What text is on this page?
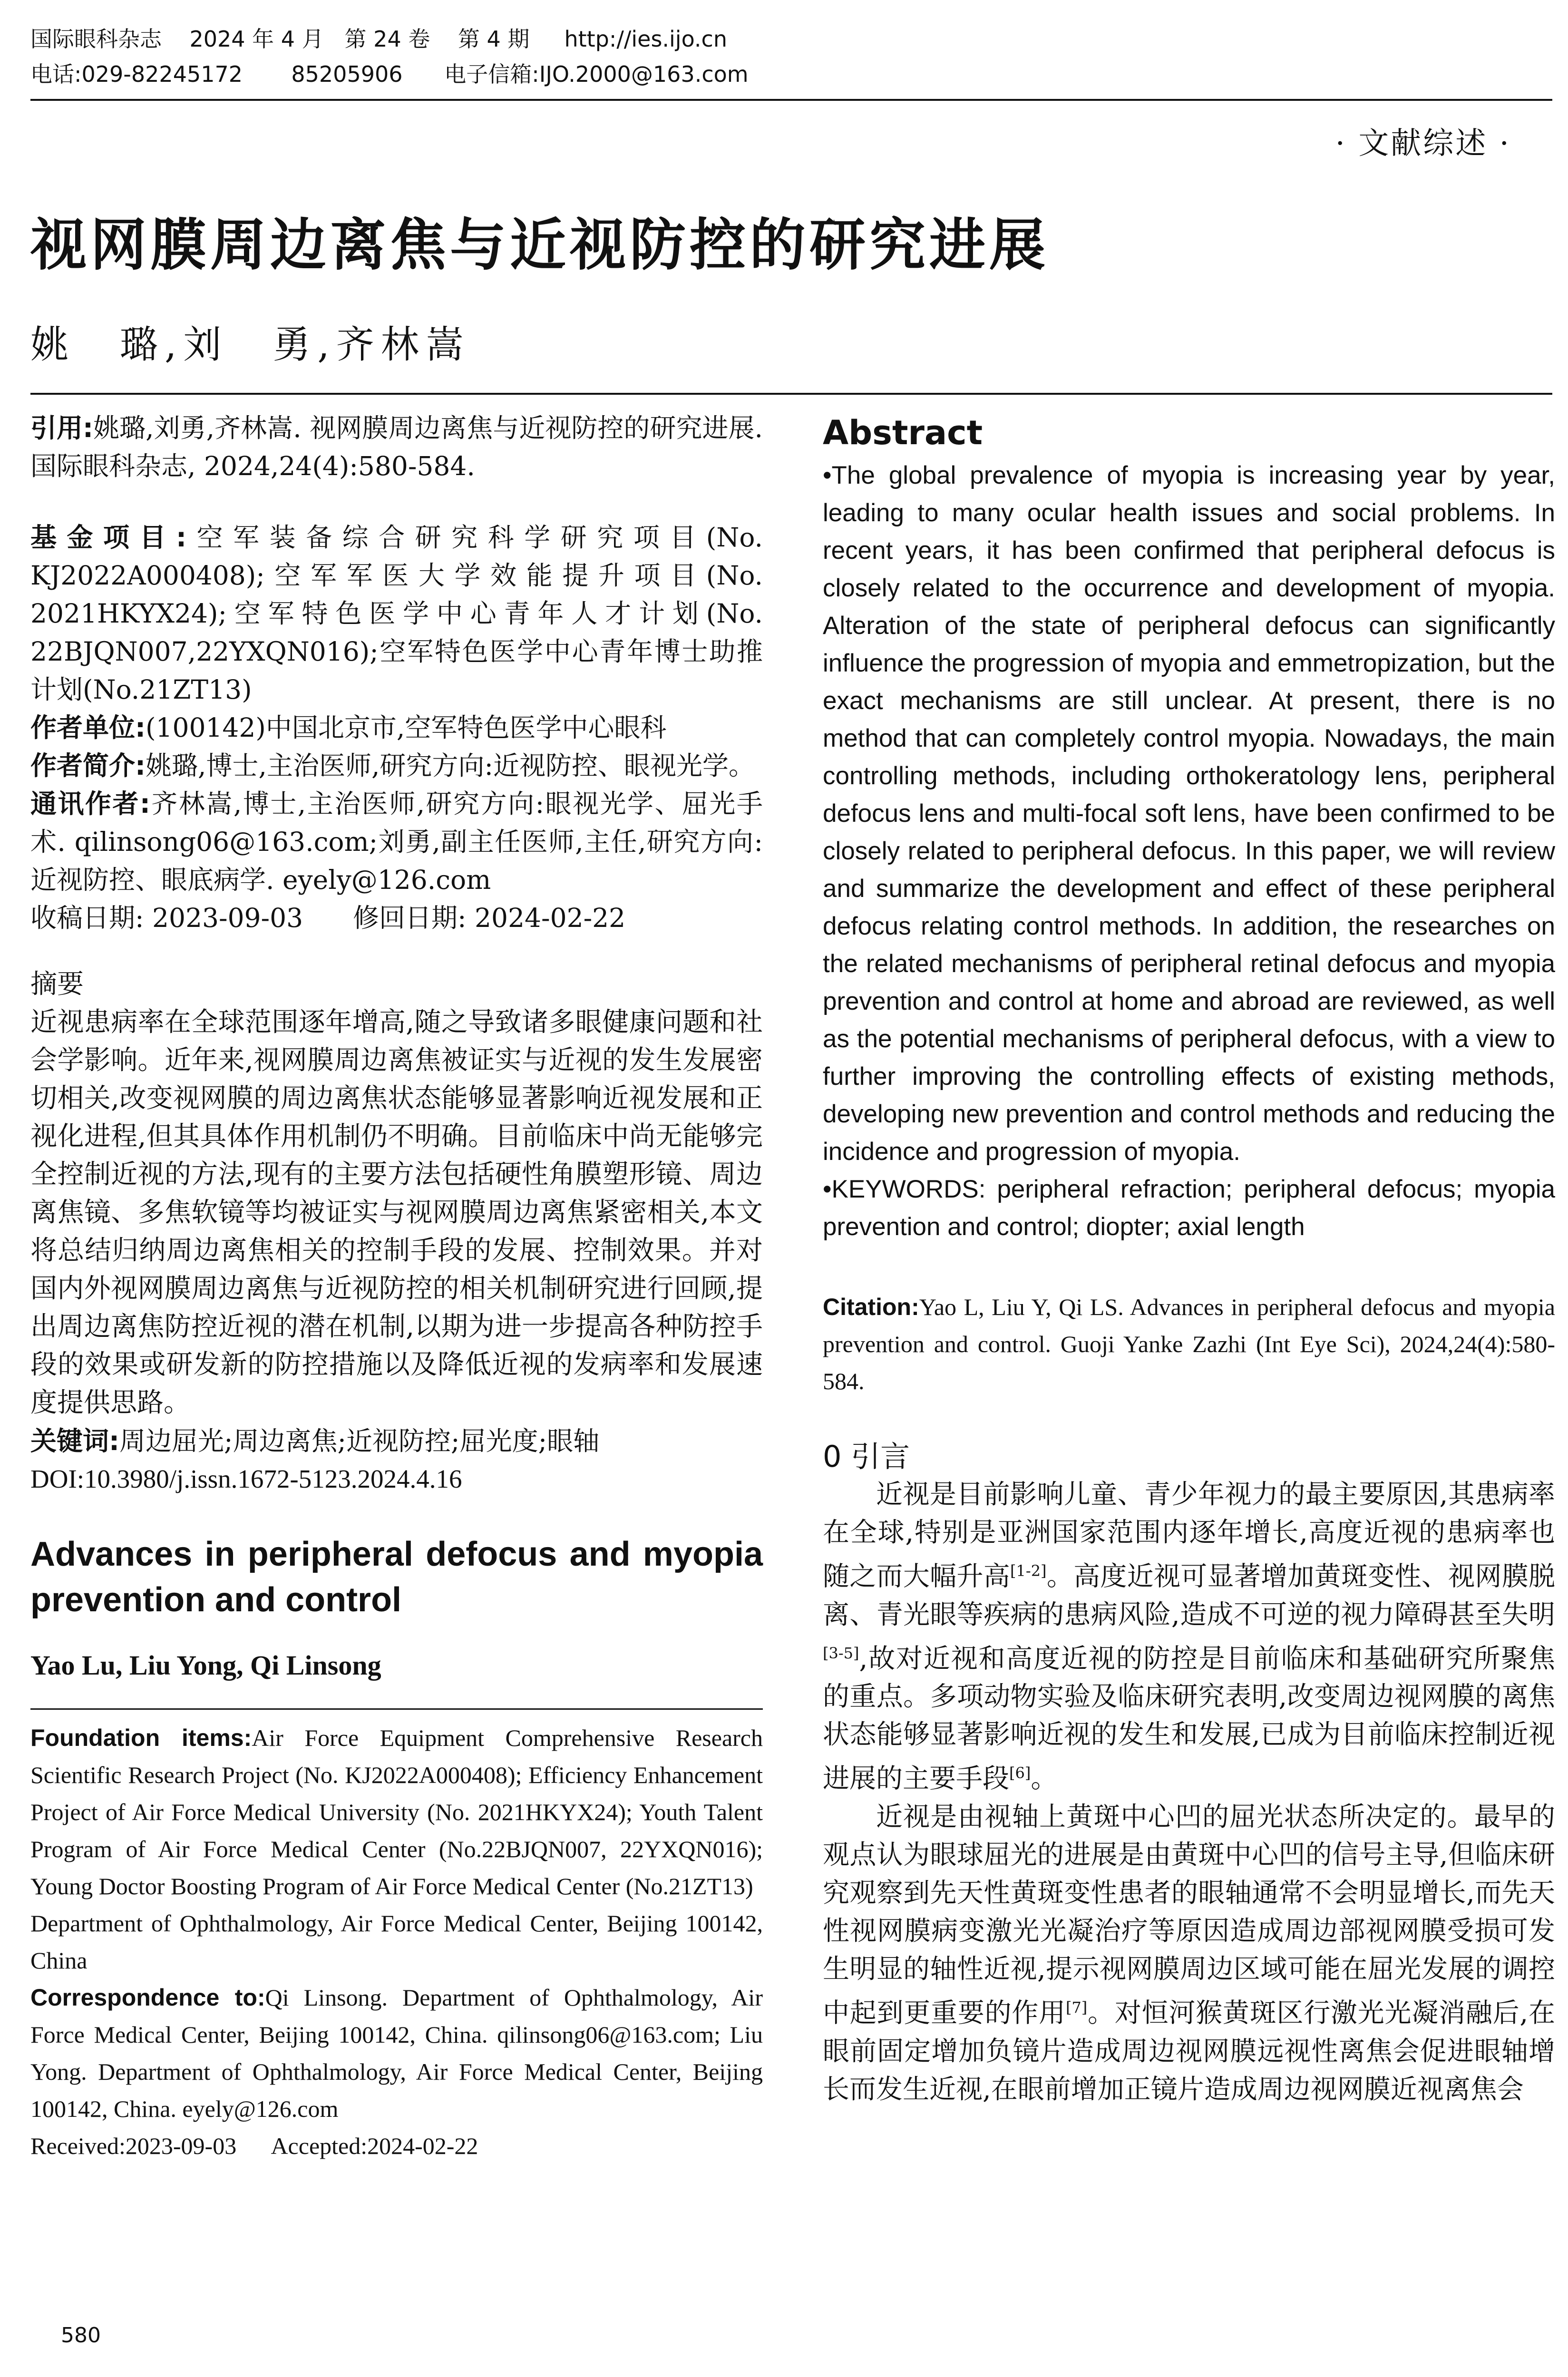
国际眼科杂志    2024 年 4 月   第 24 卷    第 4 期     http://ies.ijo.cn
电话:029-82245172       85205906      电子信箱:IJO.2000@163.com
· 文献综述 ·
视网膜周边离焦与近视防控的研究进展
姚　璐,刘　勇,齐林嵩

引用:姚璐,刘勇,齐林嵩. 视网膜周边离焦与近视防控的研究进展. 国际眼科杂志, 2024,24(4):580-584.

基金项目:空军装备综合研究科学研究项目(No. KJ2022A000408);空军军医大学效能提升项目(No. 2021HKYX24);空军特色医学中心青年人才计划(No. 22BJQN007,22YXQN016);空军特色医学中心青年博士助推计划(No.21ZT13)

作者单位:(100142)中国北京市,空军特色医学中心眼科

作者简介:姚璐,博士,主治医师,研究方向:近视防控、眼视光学。

通讯作者:齐林嵩,博士,主治医师,研究方向:眼视光学、屈光手术. qilinsong06@163.com;刘勇,副主任医师,主任,研究方向:近视防控、眼底病学. eyely@126.com

收稿日期: 2023-09-03      修回日期: 2024-02-22

摘要

近视患病率在全球范围逐年增高,随之导致诸多眼健康问题和社会学影响。近年来,视网膜周边离焦被证实与近视的发生发展密切相关,改变视网膜的周边离焦状态能够显著影响近视发展和正视化进程,但其具体作用机制仍不明确。目前临床中尚无能够完全控制近视的方法,现有的主要方法包括硬性角膜塑形镜、周边离焦镜、多焦软镜等均被证实与视网膜周边离焦紧密相关,本文将总结归纳周边离焦相关的控制手段的发展、控制效果。并对国内外视网膜周边离焦与近视防控的相关机制研究进行回顾,提出周边离焦防控近视的潜在机制,以期为进一步提高各种防控手段的效果或研发新的防控措施以及降低近视的发病率和发展速度提供思路。

关键词:周边屈光;周边离焦;近视防控;屈光度;眼轴

DOI:10.3980/j.issn.1672-5123.2024.4.16

Advances in peripheral defocus and myopia prevention and control

Yao Lu, Liu Yong, Qi Linsong

Foundation items:Air Force Equipment Comprehensive Research Scientific Research Project (No. KJ2022A000408); Efficiency Enhancement Project of Air Force Medical University (No. 2021HKYX24); Youth Talent Program of Air Force Medical Center (No.22BJQN007, 22YXQN016); Young Doctor Boosting Program of Air Force Medical Center (No.21ZT13)

Department of Ophthalmology, Air Force Medical Center, Beijing 100142, China

Correspondence to:Qi Linsong. Department of Ophthalmology, Air Force Medical Center, Beijing 100142, China. qilinsong06@163.com; Liu Yong. Department of Ophthalmology, Air Force Medical Center, Beijing 100142, China. eyely@126.com

Received:2023-09-03      Accepted:2024-02-22

Abstract

•The global prevalence of myopia is increasing year by year, leading to many ocular health issues and social problems. In recent years, it has been confirmed that peripheral defocus is closely related to the occurrence and development of myopia. Alteration of the state of peripheral defocus can significantly influence the progression of myopia and emmetropization, but the exact mechanisms are still unclear. At present, there is no method that can completely control myopia. Nowadays, the main controlling methods, including orthokeratology lens, peripheral defocus lens and multi-focal soft lens, have been confirmed to be closely related to peripheral defocus. In this paper, we will review and summarize the development and effect of these peripheral defocus relating control methods. In addition, the researches on the related mechanisms of peripheral retinal defocus and myopia prevention and control at home and abroad are reviewed, as well as the potential mechanisms of peripheral defocus, with a view to further improving the controlling effects of existing methods, developing new prevention and control methods and reducing the incidence and progression of myopia.

•KEYWORDS: peripheral refraction; peripheral defocus; myopia prevention and control; diopter; axial length

Citation:Yao L, Liu Y, Qi LS. Advances in peripheral defocus and myopia prevention and control. Guoji Yanke Zazhi (Int Eye Sci), 2024,24(4):580-584.

0 引言

近视是目前影响儿童、青少年视力的最主要原因,其患病率在全球,特别是亚洲国家范围内逐年增长,高度近视的患病率也随之而大幅升高[1-2]。高度近视可显著增加黄斑变性、视网膜脱离、青光眼等疾病的患病风险,造成不可逆的视力障碍甚至失明[3-5],故对近视和高度近视的防控是目前临床和基础研究所聚焦的重点。多项动物实验及临床研究表明,改变周边视网膜的离焦状态能够显著影响近视的发生和发展,已成为目前临床控制近视进展的主要手段[6]。

近视是由视轴上黄斑中心凹的屈光状态所决定的。最早的观点认为眼球屈光的进展是由黄斑中心凹的信号主导,但临床研究观察到先天性黄斑变性患者的眼轴通常不会明显增长,而先天性视网膜病变激光光凝治疗等原因造成周边部视网膜受损可发生明显的轴性近视,提示视网膜周边区域可能在屈光发展的调控中起到更重要的作用[7]。对恒河猴黄斑区行激光光凝消融后,在眼前固定增加负镜片造成周边视网膜远视性离焦会促进眼轴增长而发生近视,在眼前增加正镜片造成周边视网膜近视离焦会

580
